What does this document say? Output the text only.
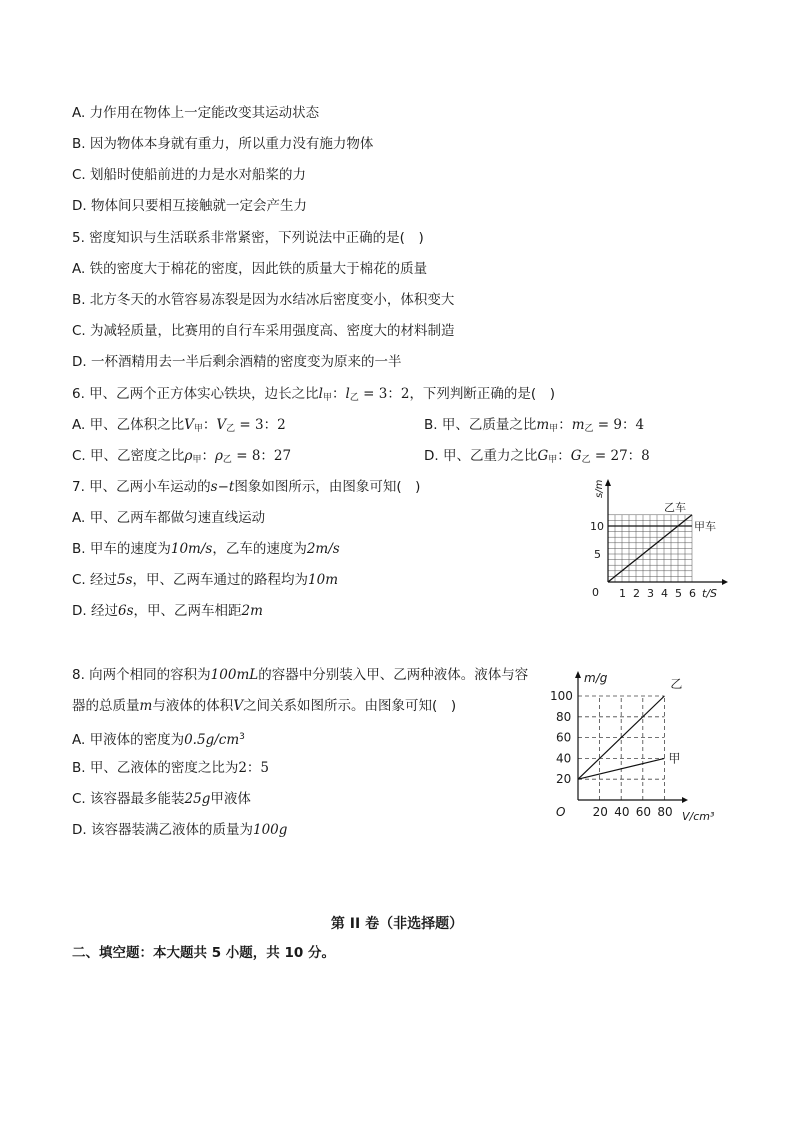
A. 力作用在物体上一定能改变其运动状态
B. 因为物体本身就有重力，所以重力没有施力物体
C. 划船时使船前进的力是水对船桨的力
D. 物体间只要相互接触就一定会产生力
5. 密度知识与生活联系非常紧密，下列说法中正确的是(　)
A. 铁的密度大于棉花的密度，因此铁的质量大于棉花的质量
B. 北方冬天的水管容易冻裂是因为水结冰后密度变小，体积变大
C. 为减轻质量，比赛用的自行车采用强度高、密度大的材料制造
D. 一杯酒精用去一半后剩余酒精的密度变为原来的一半
6. 甲、乙两个正方体实心铁块，边长之比$l_甲$：$l_乙 = 3$：2，下列判断正确的是(　)
A. 甲、乙体积之比$V_甲$：$V_乙 = 3$：2	B. 甲、乙质量之比$m_甲$：$m_乙 = 9$：4
C. 甲、乙密度之比$\rho_甲$：$\rho_乙 = 8$：27	D. 甲、乙重力之比$G_甲$：$G_乙 = 27$：8
7. 甲、乙两小车运动的s−t图象如图所示，由图象可知(　)
A. 甲、乙两车都做匀速直线运动
B. 甲车的速度为10m/s，乙车的速度为2m/s
C. 经过5s，甲、乙两车通过的路程均为10m
D. 经过6s，甲、乙两车相距2m
1 2 3 4 5 6
5
10
0	t/S
s/m
乙车
甲车
8. 向两个相同的容积为100mL的容器中分别装入甲、乙两种液体。液体与容
器的总质量m与液体的体积V之间关系如图所示。由图象可知(　)
A. 甲液体的密度为$0.5g/cm^3$
B. 甲、乙液体的密度之比为2：5
C. 该容器最多能装25g甲液体
D. 该容器装满乙液体的质量为100g
20 40 60 80
20
40
60
80
100
O	V/cm³
m/g	乙
甲
第 II 卷（非选择题）
二、填空题：本大题共 5 小题，共 10 分。
